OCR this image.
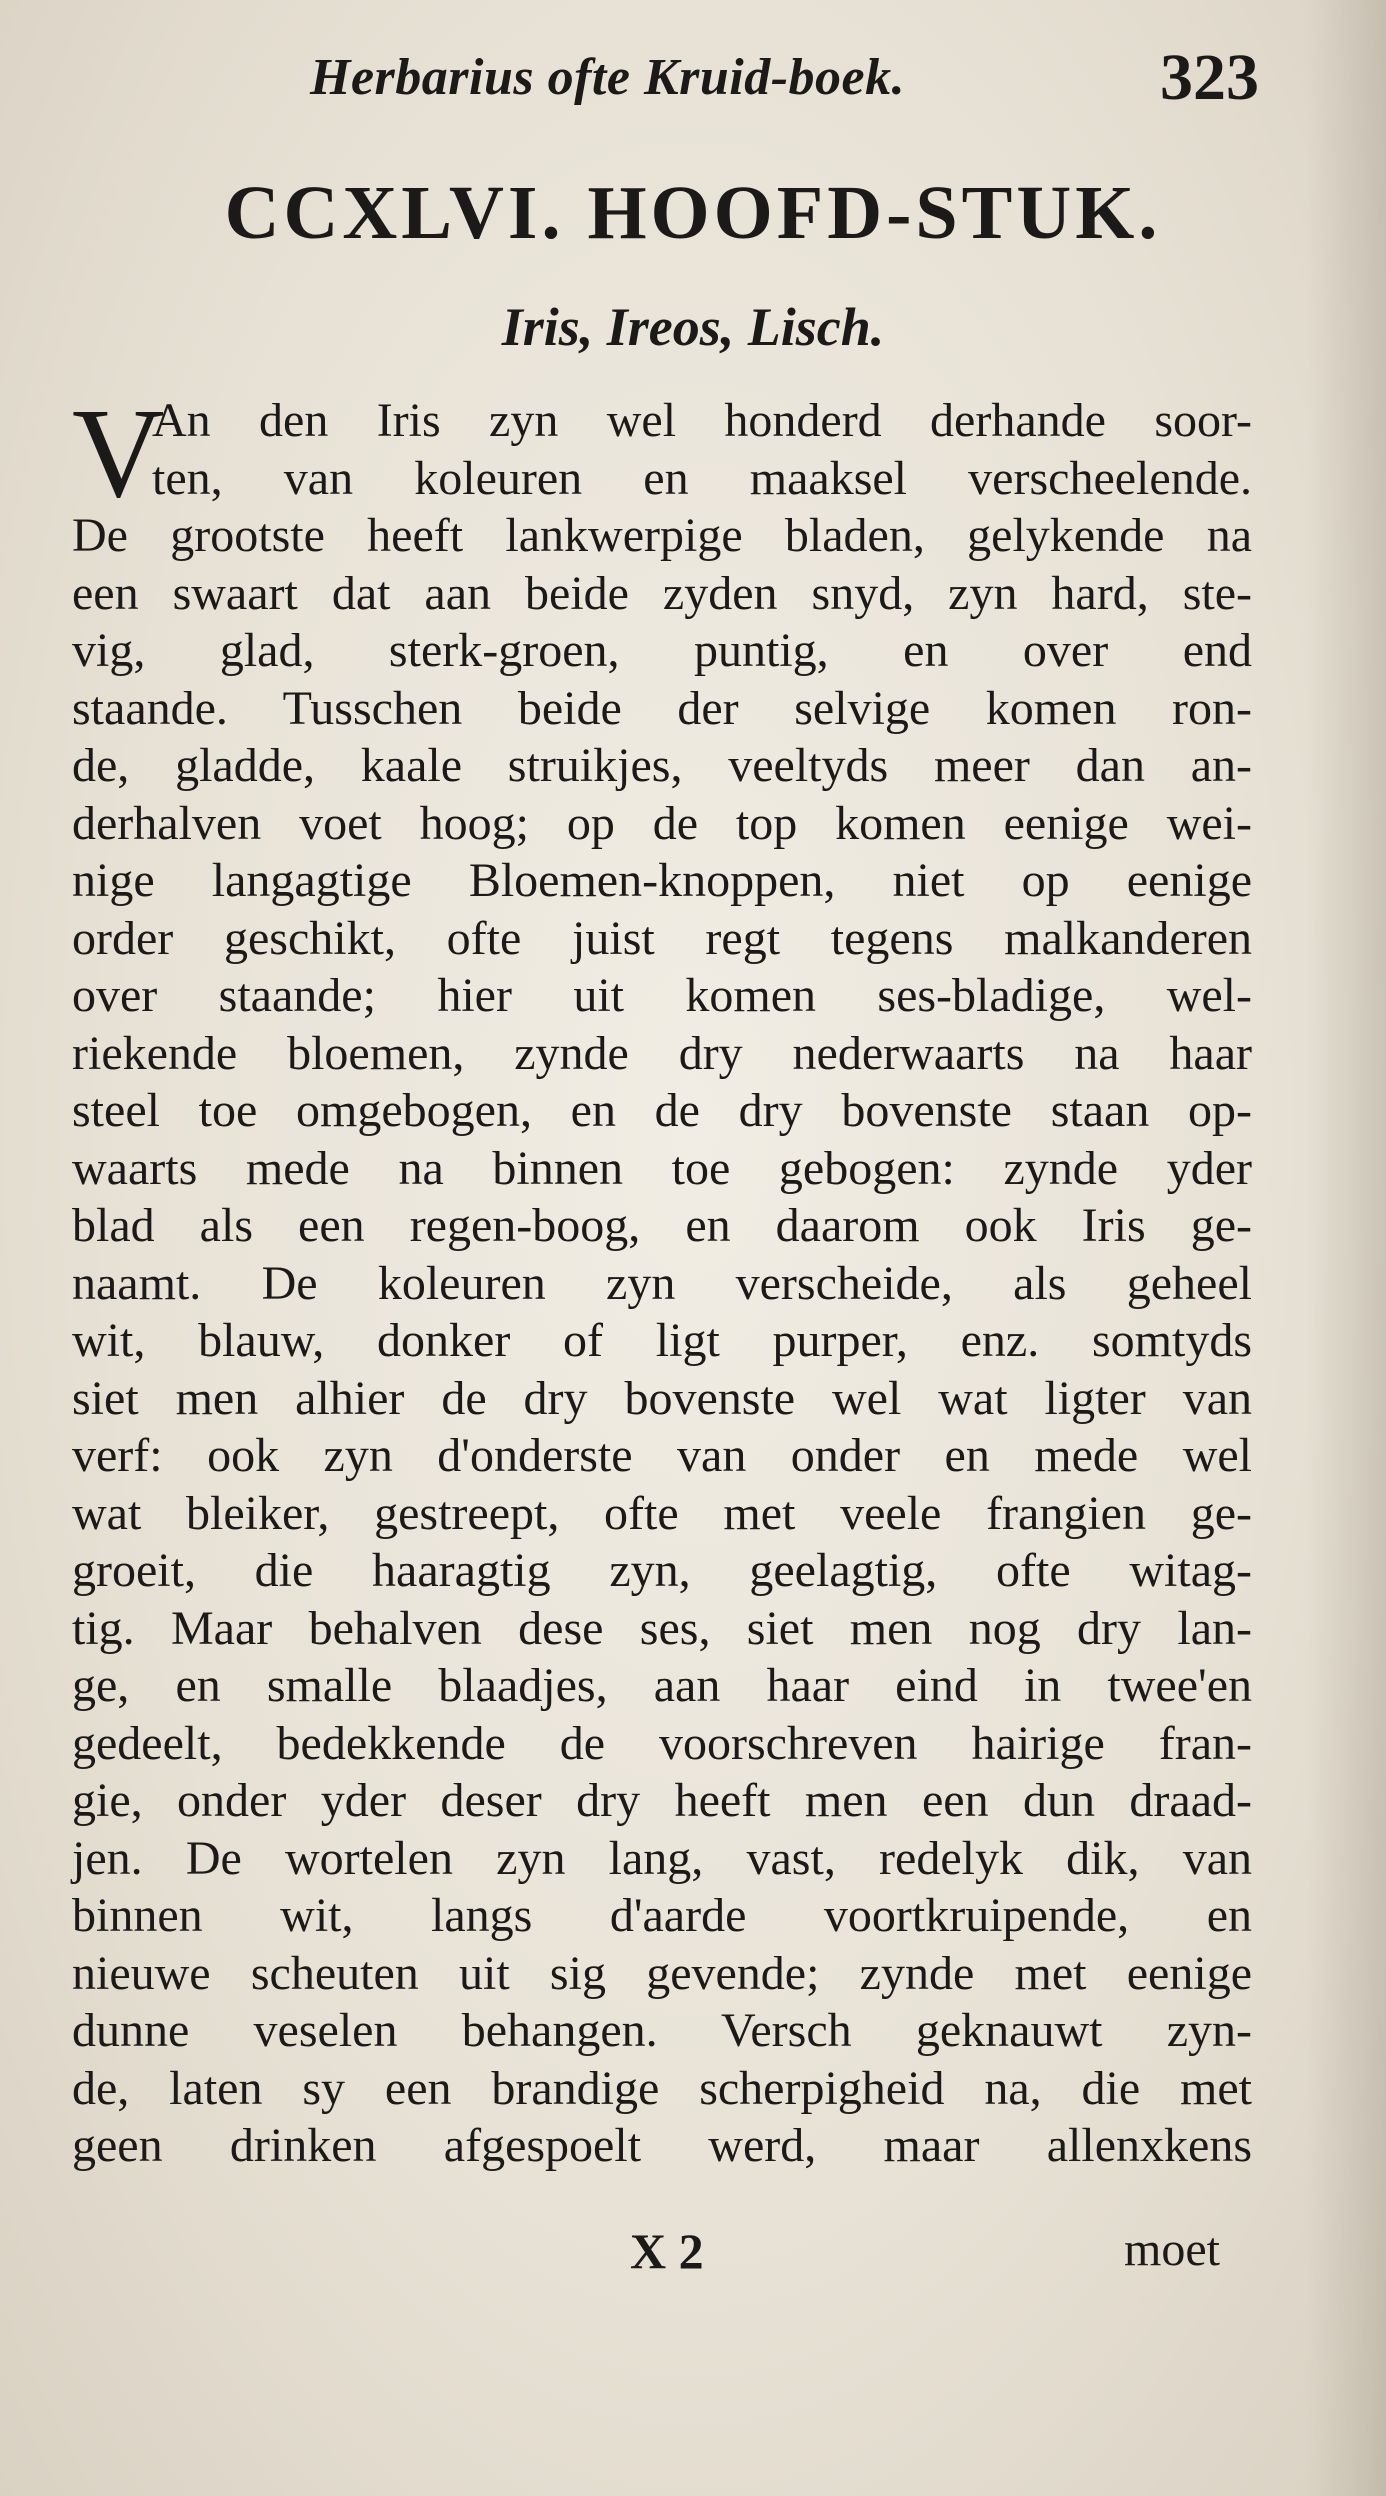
Herbarius ofte Kruid-boek.	323
CCXLVI. HOOFD-STUK.
Iris, Ireos, Lisch.
V
An den Iris zyn wel honderd derhande soor-
ten, van koleuren en maaksel verscheelende.
De grootste heeft lankwerpige bladen, gelykende na
een swaart dat aan beide zyden snyd, zyn hard, ste-
vig, glad, sterk-groen, puntig, en over end
staande. Tusschen beide der selvige komen ron-
de, gladde, kaale struikjes, veeltyds meer dan an-
derhalven voet hoog; op de top komen eenige wei-
nige langagtige Bloemen-knoppen, niet op eenige
order geschikt, ofte juist regt tegens malkanderen
over staande; hier uit komen ses-bladige, wel-
riekende bloemen, zynde dry nederwaarts na haar
steel toe omgebogen, en de dry bovenste staan op-
waarts mede na binnen toe gebogen: zynde yder
blad als een regen-boog, en daarom ook Iris ge-
naamt. De koleuren zyn verscheide, als geheel
wit, blauw, donker of ligt purper, enz. somtyds
siet men alhier de dry bovenste wel wat ligter van
verf: ook zyn d'onderste van onder en mede wel
wat bleiker, gestreept, ofte met veele frangien ge-
groeit, die haaragtig zyn, geelagtig, ofte witag-
tig. Maar behalven dese ses, siet men nog dry lan-
ge, en smalle blaadjes, aan haar eind in twee'en
gedeelt, bedekkende de voorschreven hairige fran-
gie, onder yder deser dry heeft men een dun draad-
jen. De wortelen zyn lang, vast, redelyk dik, van
binnen wit, langs d'aarde voortkruipende, en
nieuwe scheuten uit sig gevende; zynde met eenige
dunne veselen behangen. Versch geknauwt zyn-
de, laten sy een brandige scherpigheid na, die met
geen drinken afgespoelt werd, maar allenxkens
X 2	moet
